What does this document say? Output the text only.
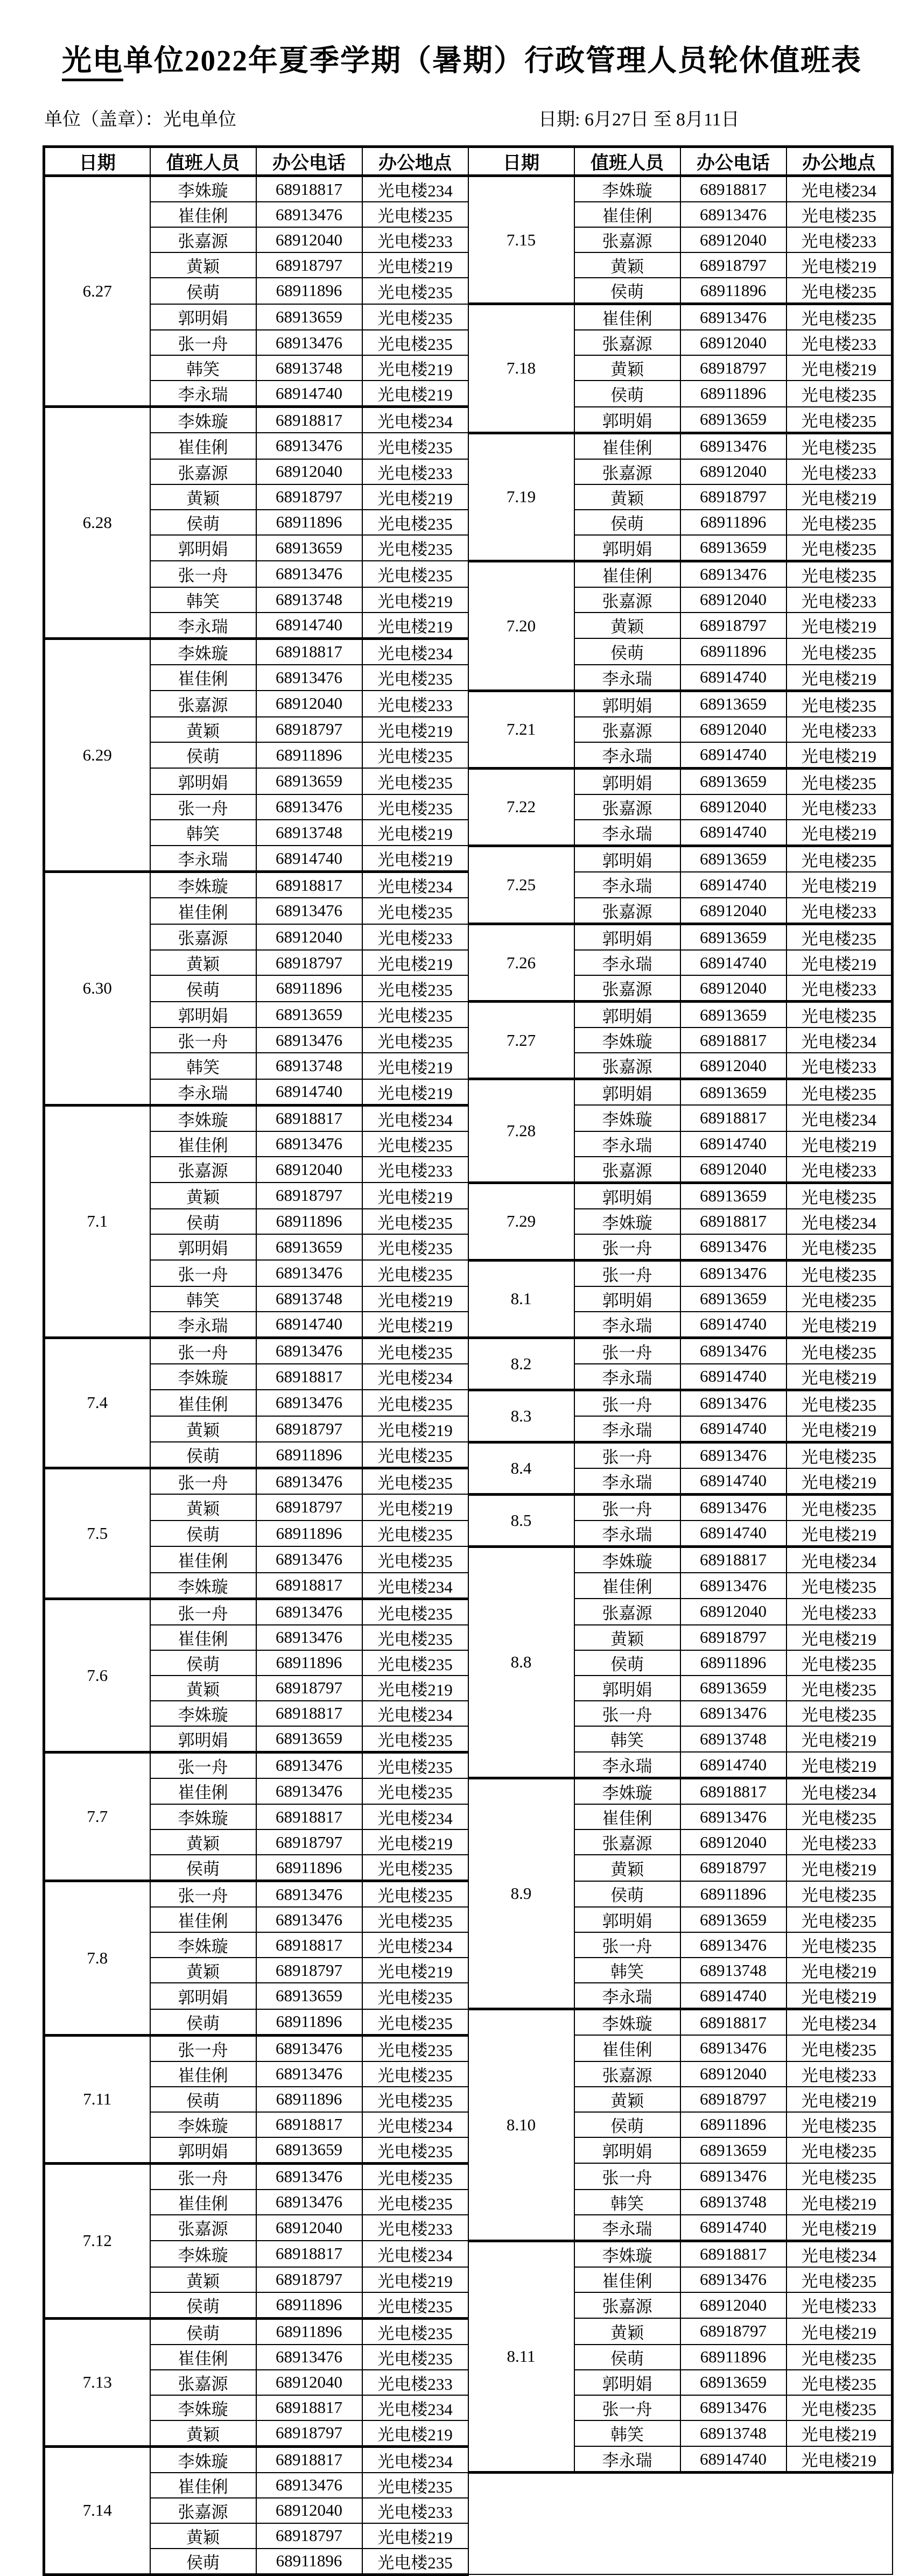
光电单位2022年夏季学期（暑期）行政管理人员轮休值班表
单位（盖章）：光电单位	日期: 6月27日 至 8月11日
日期	值班人员	办公电话	办公地点	日期	值班人员	办公电话	办公地点
6.27	李姝璇	68918817	光电楼234	7.15	李姝璇	68918817	光电楼234
	崔佳俐	68913476	光电楼235		崔佳俐	68913476	光电楼235
	张嘉源	68912040	光电楼233		张嘉源	68912040	光电楼233
	黄颖	68918797	光电楼219		黄颖	68918797	光电楼219
	侯萌	68911896	光电楼235		侯萌	68911896	光电楼235
	郭明娟	68913659	光电楼235	7.18	崔佳俐	68913476	光电楼235
	张一舟	68913476	光电楼235		张嘉源	68912040	光电楼233
	韩笑	68913748	光电楼219		黄颖	68918797	光电楼219
	李永瑞	68914740	光电楼219		侯萌	68911896	光电楼235
6.28	李姝璇	68918817	光电楼234		郭明娟	68913659	光电楼235
	崔佳俐	68913476	光电楼235	7.19	崔佳俐	68913476	光电楼235
	张嘉源	68912040	光电楼233		张嘉源	68912040	光电楼233
	黄颖	68918797	光电楼219		黄颖	68918797	光电楼219
	侯萌	68911896	光电楼235		侯萌	68911896	光电楼235
	郭明娟	68913659	光电楼235		郭明娟	68913659	光电楼235
	张一舟	68913476	光电楼235	7.20	崔佳俐	68913476	光电楼235
	韩笑	68913748	光电楼219		张嘉源	68912040	光电楼233
	李永瑞	68914740	光电楼219		黄颖	68918797	光电楼219
6.29	李姝璇	68918817	光电楼234		侯萌	68911896	光电楼235
	崔佳俐	68913476	光电楼235		李永瑞	68914740	光电楼219
	张嘉源	68912040	光电楼233	7.21	郭明娟	68913659	光电楼235
	黄颖	68918797	光电楼219		张嘉源	68912040	光电楼233
	侯萌	68911896	光电楼235		李永瑞	68914740	光电楼219
	郭明娟	68913659	光电楼235	7.22	郭明娟	68913659	光电楼235
	张一舟	68913476	光电楼235		张嘉源	68912040	光电楼233
	韩笑	68913748	光电楼219		李永瑞	68914740	光电楼219
	李永瑞	68914740	光电楼219	7.25	郭明娟	68913659	光电楼235
6.30	李姝璇	68918817	光电楼234		李永瑞	68914740	光电楼219
	崔佳俐	68913476	光电楼235		张嘉源	68912040	光电楼233
	张嘉源	68912040	光电楼233	7.26	郭明娟	68913659	光电楼235
	黄颖	68918797	光电楼219		李永瑞	68914740	光电楼219
	侯萌	68911896	光电楼235		张嘉源	68912040	光电楼233
	郭明娟	68913659	光电楼235	7.27	郭明娟	68913659	光电楼235
	张一舟	68913476	光电楼235		李姝璇	68918817	光电楼234
	韩笑	68913748	光电楼219		张嘉源	68912040	光电楼233
	李永瑞	68914740	光电楼219	7.28	郭明娟	68913659	光电楼235
7.1	李姝璇	68918817	光电楼234		李姝璇	68918817	光电楼234
	崔佳俐	68913476	光电楼235		李永瑞	68914740	光电楼219
	张嘉源	68912040	光电楼233		张嘉源	68912040	光电楼233
	黄颖	68918797	光电楼219	7.29	郭明娟	68913659	光电楼235
	侯萌	68911896	光电楼235		李姝璇	68918817	光电楼234
	郭明娟	68913659	光电楼235		张一舟	68913476	光电楼235
	张一舟	68913476	光电楼235	8.1	张一舟	68913476	光电楼235
	韩笑	68913748	光电楼219		郭明娟	68913659	光电楼235
	李永瑞	68914740	光电楼219		李永瑞	68914740	光电楼219
7.4	张一舟	68913476	光电楼235	8.2	张一舟	68913476	光电楼235
	李姝璇	68918817	光电楼234		李永瑞	68914740	光电楼219
	崔佳俐	68913476	光电楼235	8.3	张一舟	68913476	光电楼235
	黄颖	68918797	光电楼219		李永瑞	68914740	光电楼219
	侯萌	68911896	光电楼235	8.4	张一舟	68913476	光电楼235
7.5	张一舟	68913476	光电楼235		李永瑞	68914740	光电楼219
	黄颖	68918797	光电楼219	8.5	张一舟	68913476	光电楼235
	侯萌	68911896	光电楼235		李永瑞	68914740	光电楼219
	崔佳俐	68913476	光电楼235	8.8	李姝璇	68918817	光电楼234
	李姝璇	68918817	光电楼234		崔佳俐	68913476	光电楼235
7.6	张一舟	68913476	光电楼235		张嘉源	68912040	光电楼233
	崔佳俐	68913476	光电楼235		黄颖	68918797	光电楼219
	侯萌	68911896	光电楼235		侯萌	68911896	光电楼235
	黄颖	68918797	光电楼219		郭明娟	68913659	光电楼235
	李姝璇	68918817	光电楼234		张一舟	68913476	光电楼235
	郭明娟	68913659	光电楼235		韩笑	68913748	光电楼219
7.7	张一舟	68913476	光电楼235		李永瑞	68914740	光电楼219
	崔佳俐	68913476	光电楼235	8.9	李姝璇	68918817	光电楼234
	李姝璇	68918817	光电楼234		崔佳俐	68913476	光电楼235
	黄颖	68918797	光电楼219		张嘉源	68912040	光电楼233
	侯萌	68911896	光电楼235		黄颖	68918797	光电楼219
7.8	张一舟	68913476	光电楼235		侯萌	68911896	光电楼235
	崔佳俐	68913476	光电楼235		郭明娟	68913659	光电楼235
	李姝璇	68918817	光电楼234		张一舟	68913476	光电楼235
	黄颖	68918797	光电楼219		韩笑	68913748	光电楼219
	郭明娟	68913659	光电楼235		李永瑞	68914740	光电楼219
	侯萌	68911896	光电楼235	8.10	李姝璇	68918817	光电楼234
7.11	张一舟	68913476	光电楼235		崔佳俐	68913476	光电楼235
	崔佳俐	68913476	光电楼235		张嘉源	68912040	光电楼233
	侯萌	68911896	光电楼235		黄颖	68918797	光电楼219
	李姝璇	68918817	光电楼234		侯萌	68911896	光电楼235
	郭明娟	68913659	光电楼235		郭明娟	68913659	光电楼235
7.12	张一舟	68913476	光电楼235		张一舟	68913476	光电楼235
	崔佳俐	68913476	光电楼235		韩笑	68913748	光电楼219
	张嘉源	68912040	光电楼233		李永瑞	68914740	光电楼219
	李姝璇	68918817	光电楼234	8.11	李姝璇	68918817	光电楼234
	黄颖	68918797	光电楼219		崔佳俐	68913476	光电楼235
	侯萌	68911896	光电楼235		张嘉源	68912040	光电楼233
7.13	侯萌	68911896	光电楼235		黄颖	68918797	光电楼219
	崔佳俐	68913476	光电楼235		侯萌	68911896	光电楼235
	张嘉源	68912040	光电楼233		郭明娟	68913659	光电楼235
	李姝璇	68918817	光电楼234		张一舟	68913476	光电楼235
	黄颖	68918797	光电楼219		韩笑	68913748	光电楼219
7.14	李姝璇	68918817	光电楼234		李永瑞	68914740	光电楼219
	崔佳俐	68913476	光电楼235				
	张嘉源	68912040	光电楼233				
	黄颖	68918797	光电楼219				
	侯萌	68911896	光电楼235				
